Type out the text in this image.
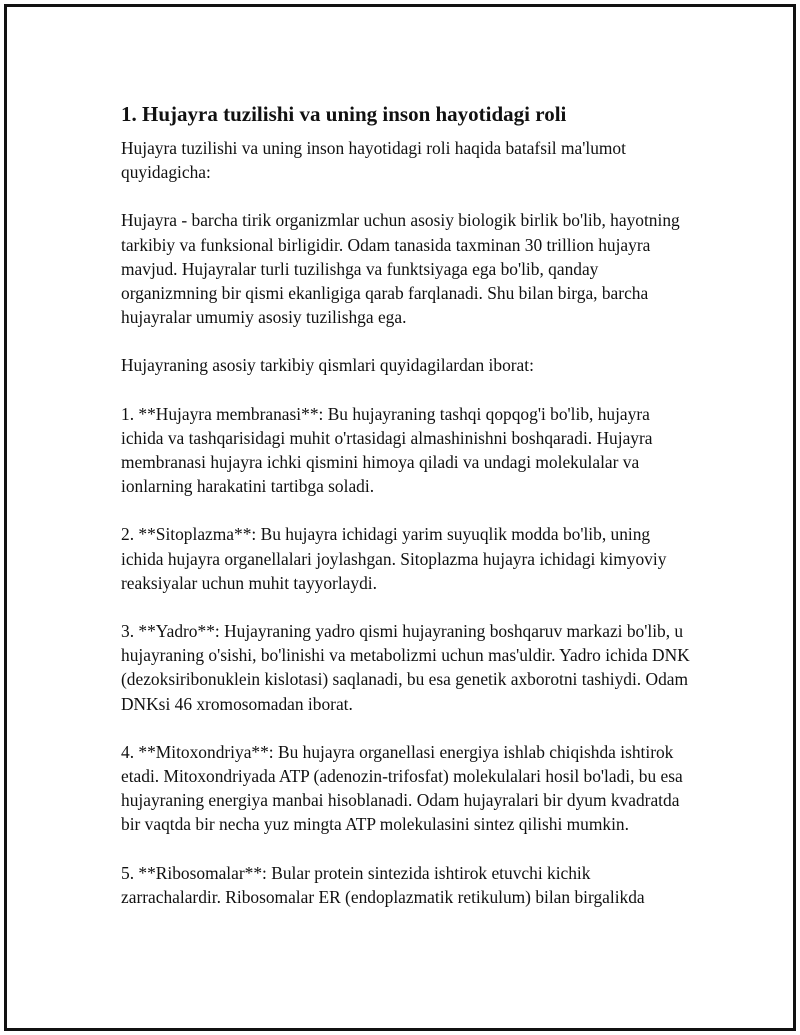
1. Hujayra tuzilishi va uning inson hayotidagi roli

Hujayra tuzilishi va uning inson hayotidagi roli haqida batafsil ma'lumot quyidagicha:

Hujayra - barcha tirik organizmlar uchun asosiy biologik birlik bo'lib, hayotning tarkibiy va funksional birligidir. Odam tanasida taxminan 30 trillion hujayra mavjud. Hujayralar turli tuzilishga va funktsiyaga ega bo'lib, qanday organizmning bir qismi ekanligiga qarab farqlanadi. Shu bilan birga, barcha hujayralar umumiy asosiy tuzilishga ega.

Hujayraning asosiy tarkibiy qismlari quyidagilardan iborat:

1. **Hujayra membranasi**: Bu hujayraning tashqi qopqog'i bo'lib, hujayra ichida va tashqarisidagi muhit o'rtasidagi almashinishni boshqaradi. Hujayra membranasi hujayra ichki qismini himoya qiladi va undagi molekulalar va ionlarning harakatini tartibga soladi.

2. **Sitoplazma**: Bu hujayra ichidagi yarim suyuqlik modda bo'lib, uning ichida hujayra organellalari joylashgan. Sitoplazma hujayra ichidagi kimyoviy reaksiyalar uchun muhit tayyorlaydi.

3. **Yadro**: Hujayraning yadro qismi hujayraning boshqaruv markazi bo'lib, u hujayraning o'sishi, bo'linishi va metabolizmi uchun mas'uldir. Yadro ichida DNK (dezoksiribonuklein kislotasi) saqlanadi, bu esa genetik axborotni tashiydi. Odam DNKsi 46 xromosomadan iborat.

4. **Mitoxondriya**: Bu hujayra organellasi energiya ishlab chiqishda ishtirok etadi. Mitoxondriyada ATP (adenozin-trifosfat) molekulalari hosil bo'ladi, bu esa hujayraning energiya manbai hisoblanadi. Odam hujayralari bir dyum kvadratda bir vaqtda bir necha yuz mingta ATP molekulasini sintez qilishi mumkin.

5. **Ribosomalar**: Bular protein sintezida ishtirok etuvchi kichik zarrachalardir. Ribosomalar ER (endoplazmatik retikulum) bilan birgalikda
